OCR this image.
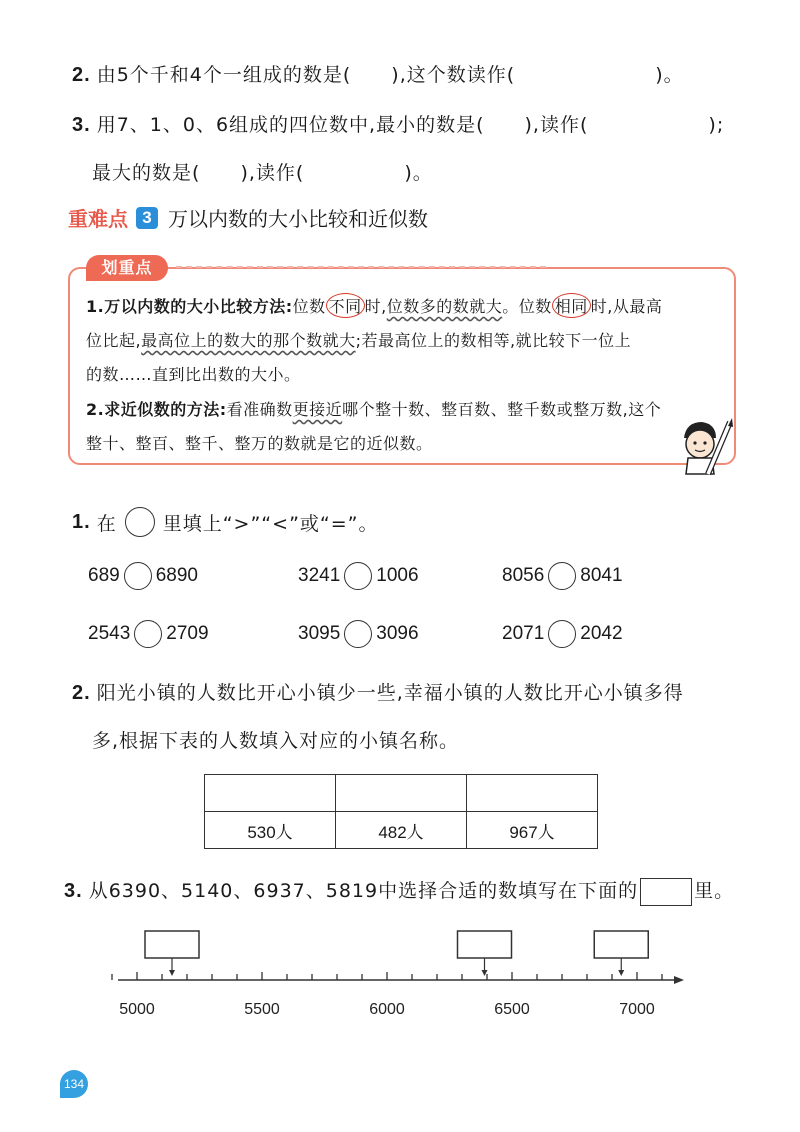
2. 由5个千和4个一组成的数是(　　 ),这个数读作(　　　　　　　	)。
3. 用7、1、0、6组成的四位数中,最小的数是(　　 ),读作(　　　　　　	);
最大的数是(　　 ),读作(　　　　　	)。
重难点 3 万以内数的大小比较和近似数
划重点
1.万以内数的大小比较方法:位数 不同 时,位数多的数就大。位数 相同 时,从最高
位比起,最高位上的数大的那个数就大;若最高位上的数相等,就比较下一位上
的数……直到比出数的大小。
2.求近似数的方法:看准确数更接近哪个整十数、整百数、整千数或整万数,这个
整十、整百、整千、整万的数就是它的近似数。
1. 在 里填上“>”“<”或“=”。
689 6890	3241 1006	8056 8041
2543 2709	3095 3096	2071 2042
2. 阳光小镇的人数比开心小镇少一些,幸福小镇的人数比开心小镇多得
多,根据下表的人数填入对应的小镇名称。

530人	482人	967人
3. 从6390、5140、6937、5819中选择合适的数填写在下面的	里。
5000	5500	6000	6500	7000
134
